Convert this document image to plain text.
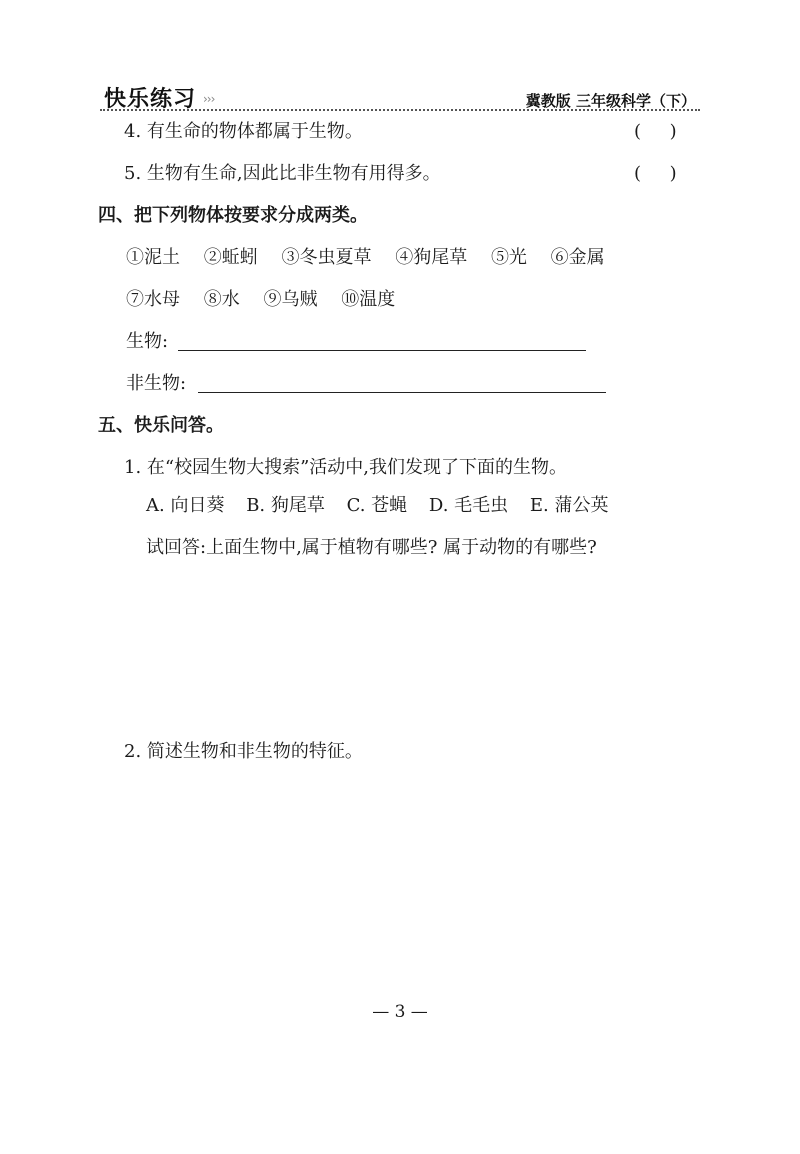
快乐练习 ›››	冀教版 三年级科学（下）
4. 有生命的物体都属于生物。	(     )
5. 生物有生命,因此比非生物有用得多。	(     )
四、把下列物体按要求分成两类。
①泥土 ②蚯蚓 ③冬虫夏草 ④狗尾草 ⑤光 ⑥金属
⑦水母 ⑧水 ⑨乌贼 ⑩温度
生物:
非生物:
五、快乐问答。
1. 在“校园生物大搜索”活动中,我们发现了下面的生物。
A. 向日葵 B. 狗尾草 C. 苍蝇 D. 毛毛虫 E. 蒲公英
试回答:上面生物中,属于植物有哪些? 属于动物的有哪些?
2. 简述生物和非生物的特征。
— 3 —
